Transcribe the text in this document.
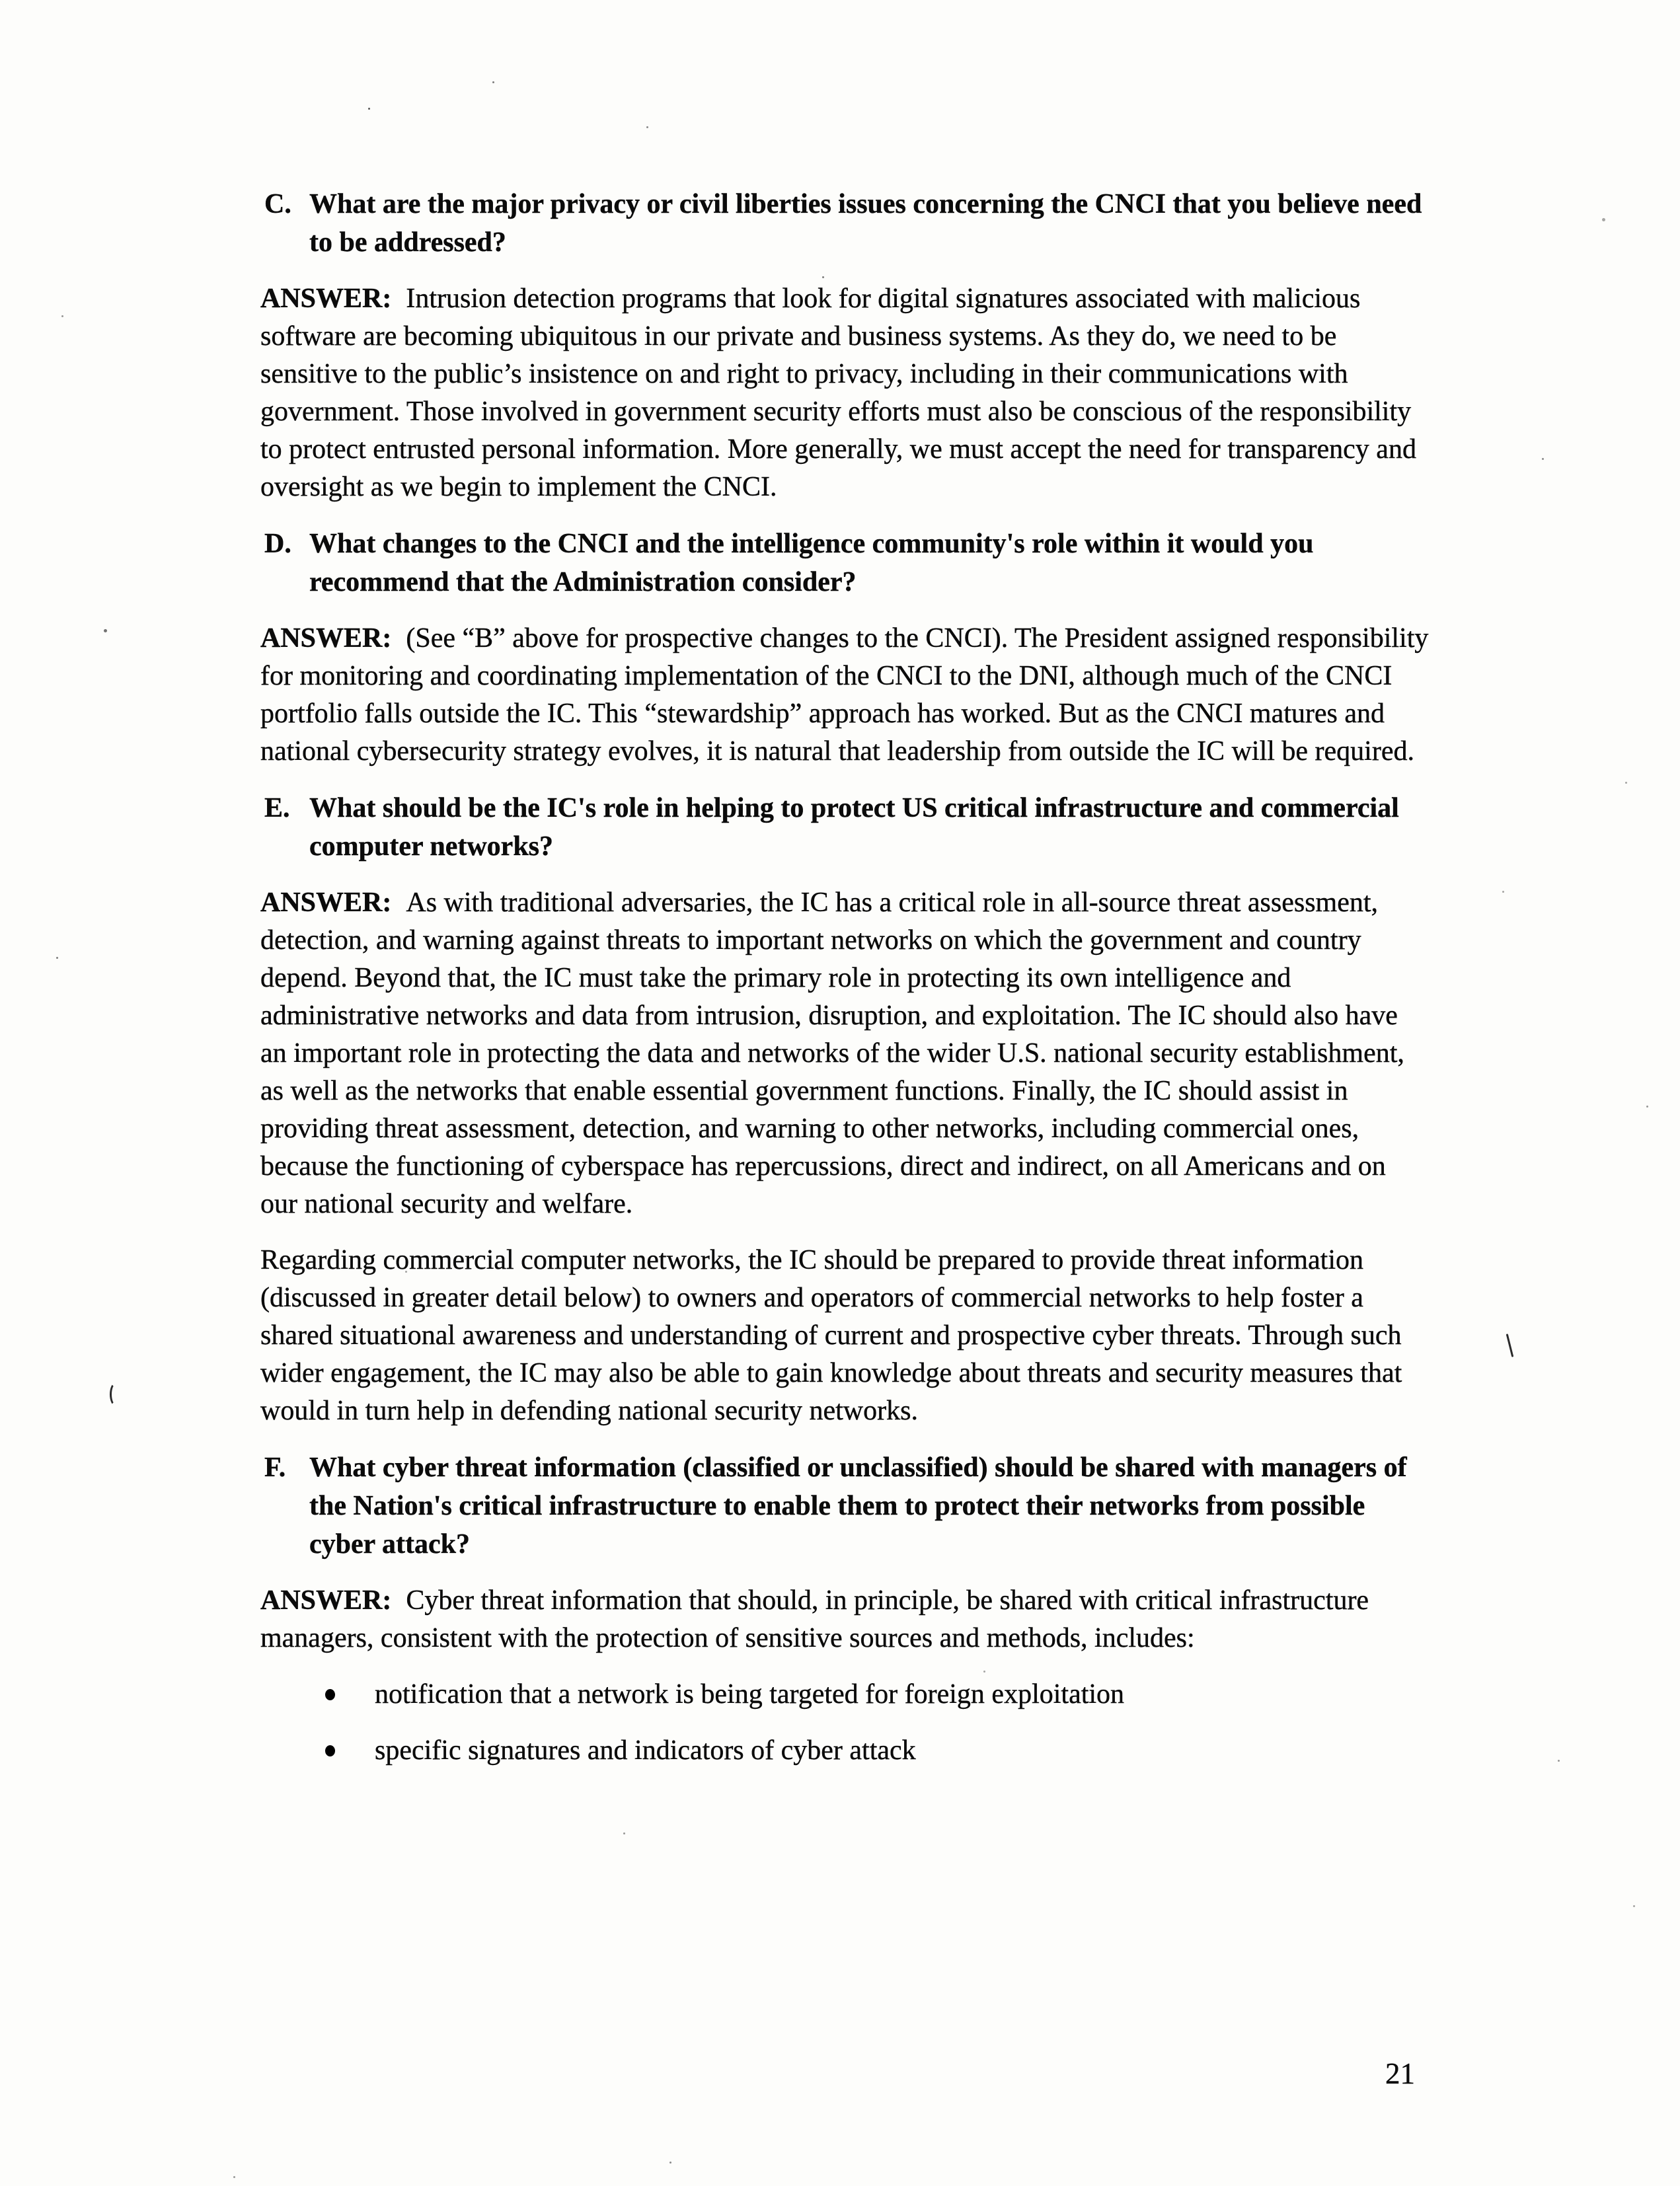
C. What are the major privacy or civil liberties issues concerning the CNCI that you believe need to be addressed?

ANSWER: Intrusion detection programs that look for digital signatures associated with malicious software are becoming ubiquitous in our private and business systems. As they do, we need to be sensitive to the public’s insistence on and right to privacy, including in their communications with government. Those involved in government security efforts must also be conscious of the responsibility to protect entrusted personal information. More generally, we must accept the need for transparency and oversight as we begin to implement the CNCI.

D. What changes to the CNCI and the intelligence community's role within it would you recommend that the Administration consider?

ANSWER: (See “B” above for prospective changes to the CNCI). The President assigned responsibility for monitoring and coordinating implementation of the CNCI to the DNI, although much of the CNCI portfolio falls outside the IC. This “stewardship” approach has worked. But as the CNCI matures and national cybersecurity strategy evolves, it is natural that leadership from outside the IC will be required.

E. What should be the IC's role in helping to protect US critical infrastructure and commercial computer networks?

ANSWER: As with traditional adversaries, the IC has a critical role in all-source threat assessment, detection, and warning against threats to important networks on which the government and country depend. Beyond that, the IC must take the primary role in protecting its own intelligence and administrative networks and data from intrusion, disruption, and exploitation. The IC should also have an important role in protecting the data and networks of the wider U.S. national security establishment, as well as the networks that enable essential government functions. Finally, the IC should assist in providing threat assessment, detection, and warning to other networks, including commercial ones, because the functioning of cyberspace has repercussions, direct and indirect, on all Americans and on our national security and welfare.

Regarding commercial computer networks, the IC should be prepared to provide threat information (discussed in greater detail below) to owners and operators of commercial networks to help foster a shared situational awareness and understanding of current and prospective cyber threats. Through such wider engagement, the IC may also be able to gain knowledge about threats and security measures that would in turn help in defending national security networks.

F. What cyber threat information (classified or unclassified) should be shared with managers of the Nation's critical infrastructure to enable them to protect their networks from possible cyber attack?

ANSWER: Cyber threat information that should, in principle, be shared with critical infrastructure managers, consistent with the protection of sensitive sources and methods, includes:

notification that a network is being targeted for foreign exploitation
specific signatures and indicators of cyber attack
21
